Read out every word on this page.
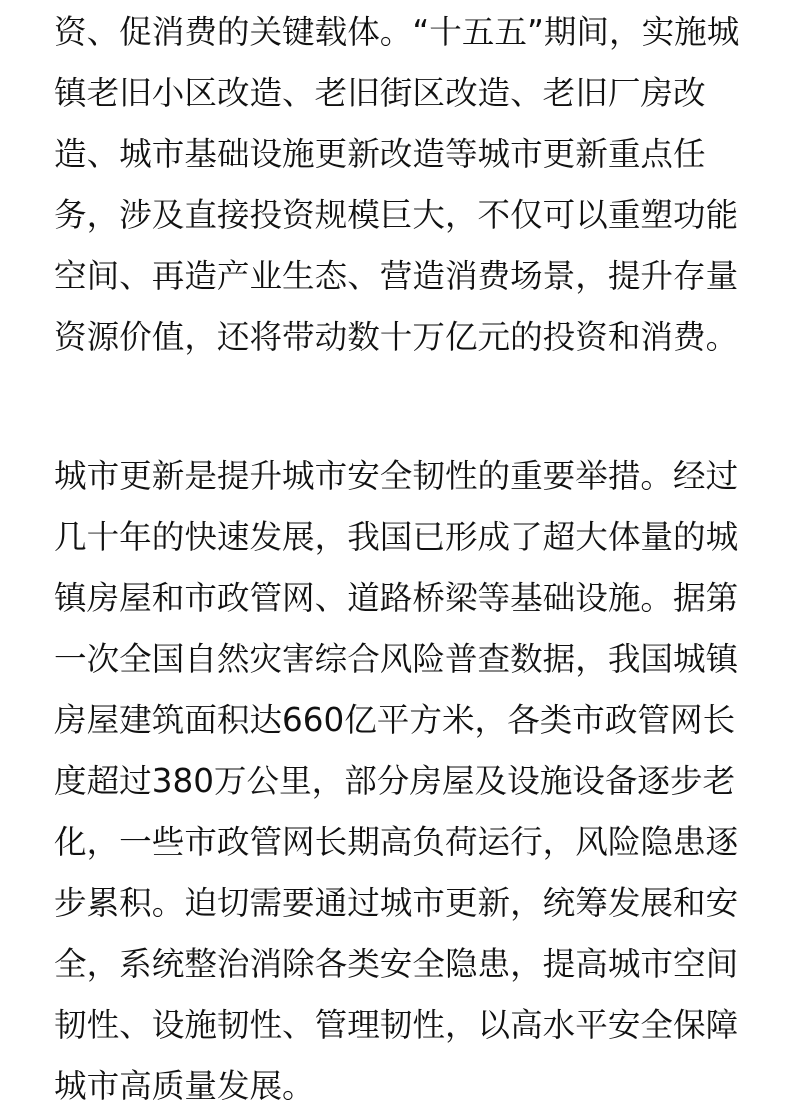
资、促消费的关键载体。“十五五”期间，实施城
镇老旧小区改造、老旧街区改造、老旧厂房改
造、城市基础设施更新改造等城市更新重点任
务，涉及直接投资规模巨大，不仅可以重塑功能
空间、再造产业生态、营造消费场景，提升存量
资源价值，还将带动数十万亿元的投资和消费。
城市更新是提升城市安全韧性的重要举措。经过
几十年的快速发展，我国已形成了超大体量的城
镇房屋和市政管网、道路桥梁等基础设施。据第
一次全国自然灾害综合风险普查数据，我国城镇
房屋建筑面积达660亿平方米，各类市政管网长
度超过380万公里，部分房屋及设施设备逐步老
化，一些市政管网长期高负荷运行，风险隐患逐
步累积。迫切需要通过城市更新，统筹发展和安
全，系统整治消除各类安全隐患，提高城市空间
韧性、设施韧性、管理韧性，以高水平安全保障
城市高质量发展。
